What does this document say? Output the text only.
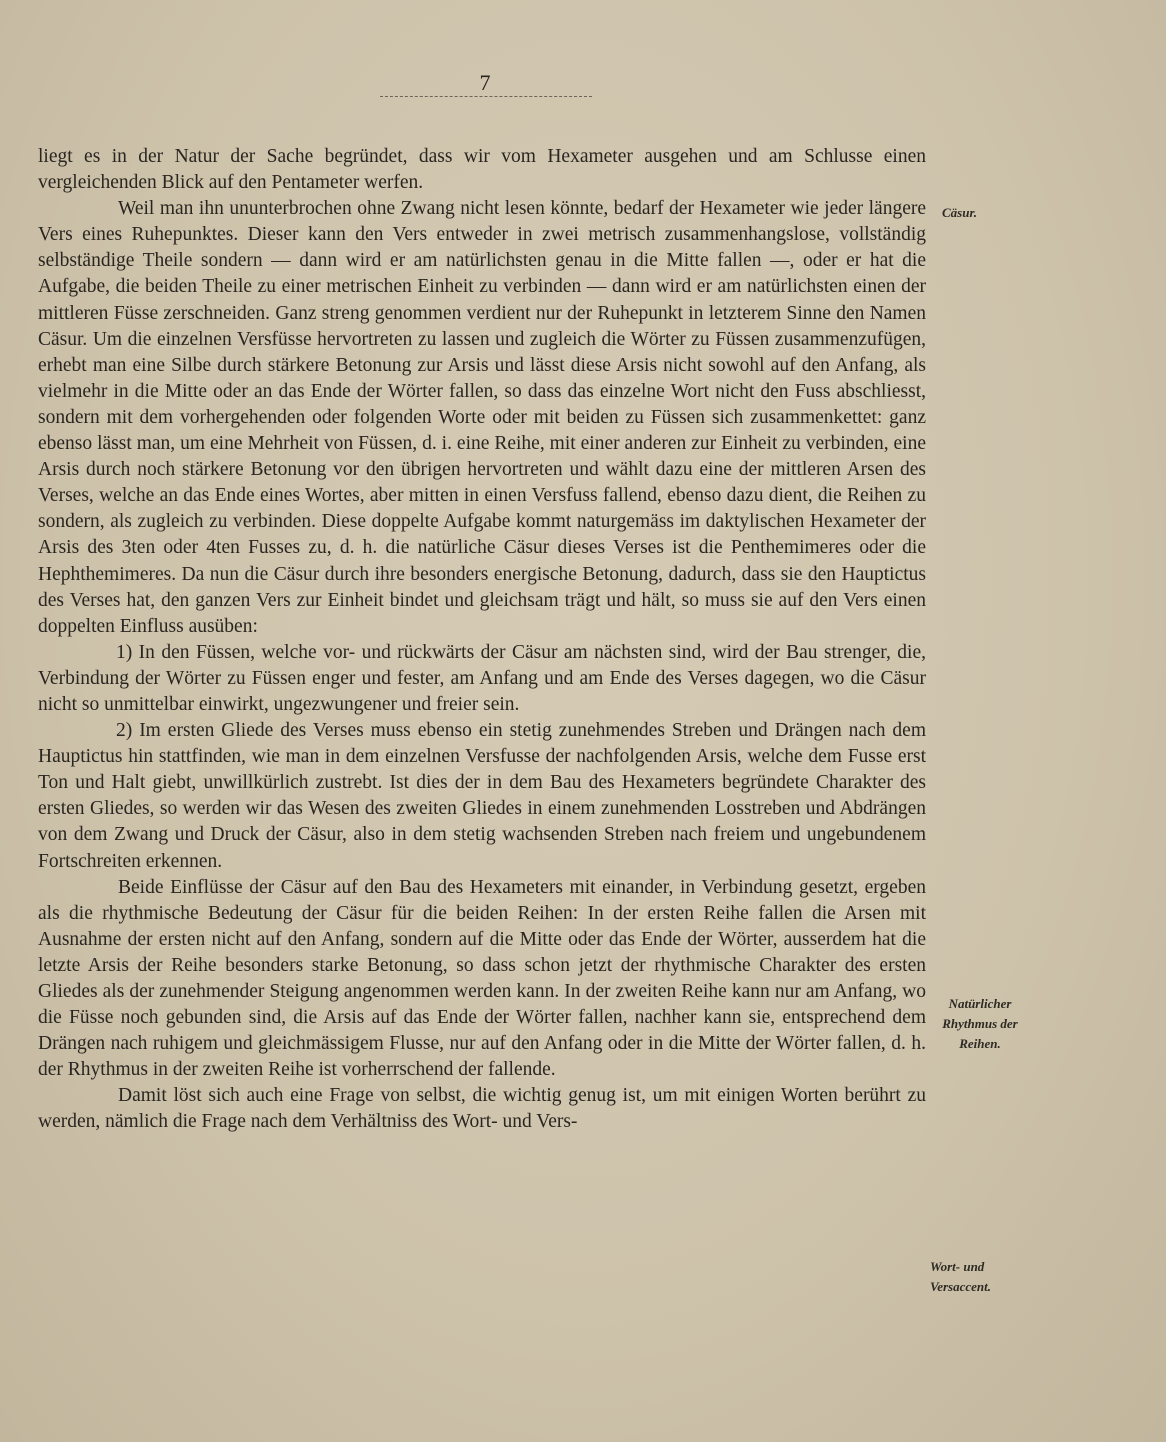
7

liegt es in der Natur der Sache begründet, dass wir vom Hexameter ausgehen und am Schlusse einen vergleichenden Blick auf den Pentameter werfen.

Weil man ihn ununterbrochen ohne Zwang nicht lesen könnte, bedarf der Hexameter wie jeder längere Vers eines Ruhepunktes. Dieser kann den Vers entweder in zwei metrisch zusammenhangslose, vollständig selbständige Theile sondern — dann wird er am natürlichsten genau in die Mitte fallen —, oder er hat die Aufgabe, die beiden Theile zu einer metrischen Einheit zu verbinden — dann wird er am natürlichsten einen der mittleren Füsse zerschneiden. Ganz streng genommen verdient nur der Ruhepunkt in letzterem Sinne den Namen Cäsur. Um die einzelnen Versfüsse hervortreten zu lassen und zugleich die Wörter zu Füssen zusammenzufügen, erhebt man eine Silbe durch stärkere Betonung zur Arsis und lässt diese Arsis nicht sowohl auf den Anfang, als vielmehr in die Mitte oder an das Ende der Wörter fallen, so dass das einzelne Wort nicht den Fuss abschliesst, sondern mit dem vorhergehenden oder folgenden Worte oder mit beiden zu Füssen sich zusammenkettet: ganz ebenso lässt man, um eine Mehrheit von Füssen, d. i. eine Reihe, mit einer anderen zur Einheit zu verbinden, eine Arsis durch noch stärkere Betonung vor den übrigen hervortreten und wählt dazu eine der mittleren Arsen des Verses, welche an das Ende eines Wortes, aber mitten in einen Versfuss fallend, ebenso dazu dient, die Reihen zu sondern, als zugleich zu verbinden. Diese doppelte Aufgabe kommt naturgemäss im daktylischen Hexameter der Arsis des 3ten oder 4ten Fusses zu, d. h. die natürliche Cäsur dieses Verses ist die Penthemimeres oder die Hephthemimeres. Da nun die Cäsur durch ihre besonders energische Betonung, dadurch, dass sie den Hauptictus des Verses hat, den ganzen Vers zur Einheit bindet und gleichsam trägt und hält, so muss sie auf den Vers einen doppelten Einfluss ausüben:

1) In den Füssen, welche vor- und rückwärts der Cäsur am nächsten sind, wird der Bau strenger, die, Verbindung der Wörter zu Füssen enger und fester, am Anfang und am Ende des Verses dagegen, wo die Cäsur nicht so unmittelbar einwirkt, ungezwungener und freier sein.

2) Im ersten Gliede des Verses muss ebenso ein stetig zunehmendes Streben und Drängen nach dem Hauptictus hin stattfinden, wie man in dem einzelnen Versfusse der nachfolgenden Arsis, welche dem Fusse erst Ton und Halt giebt, unwillkürlich zustrebt. Ist dies der in dem Bau des Hexameters begründete Charakter des ersten Gliedes, so werden wir das Wesen des zweiten Gliedes in einem zunehmenden Losstreben und Abdrängen von dem Zwang und Druck der Cäsur, also in dem stetig wachsenden Streben nach freiem und ungebundenem Fortschreiten erkennen.

Beide Einflüsse der Cäsur auf den Bau des Hexameters mit einander, in Verbindung gesetzt, ergeben als die rhythmische Bedeutung der Cäsur für die beiden Reihen: In der ersten Reihe fallen die Arsen mit Ausnahme der ersten nicht auf den Anfang, sondern auf die Mitte oder das Ende der Wörter, ausserdem hat die letzte Arsis der Reihe besonders starke Betonung, so dass schon jetzt der rhythmische Charakter des ersten Gliedes als der zunehmender Steigung angenommen werden kann. In der zweiten Reihe kann nur am Anfang, wo die Füsse noch gebunden sind, die Arsis auf das Ende der Wörter fallen, nachher kann sie, entsprechend dem Drängen nach ruhigem und gleichmässigem Flusse, nur auf den Anfang oder in die Mitte der Wörter fallen, d. h. der Rhythmus in der zweiten Reihe ist vorherrschend der fallende.

Damit löst sich auch eine Frage von selbst, die wichtig genug ist, um mit einigen Worten berührt zu werden, nämlich die Frage nach dem Verhältniss des Wort- und Vers-

Cäsur.
Natürlicher
Rhythmus der
Reihen.
Wort- und
Versaccent.
